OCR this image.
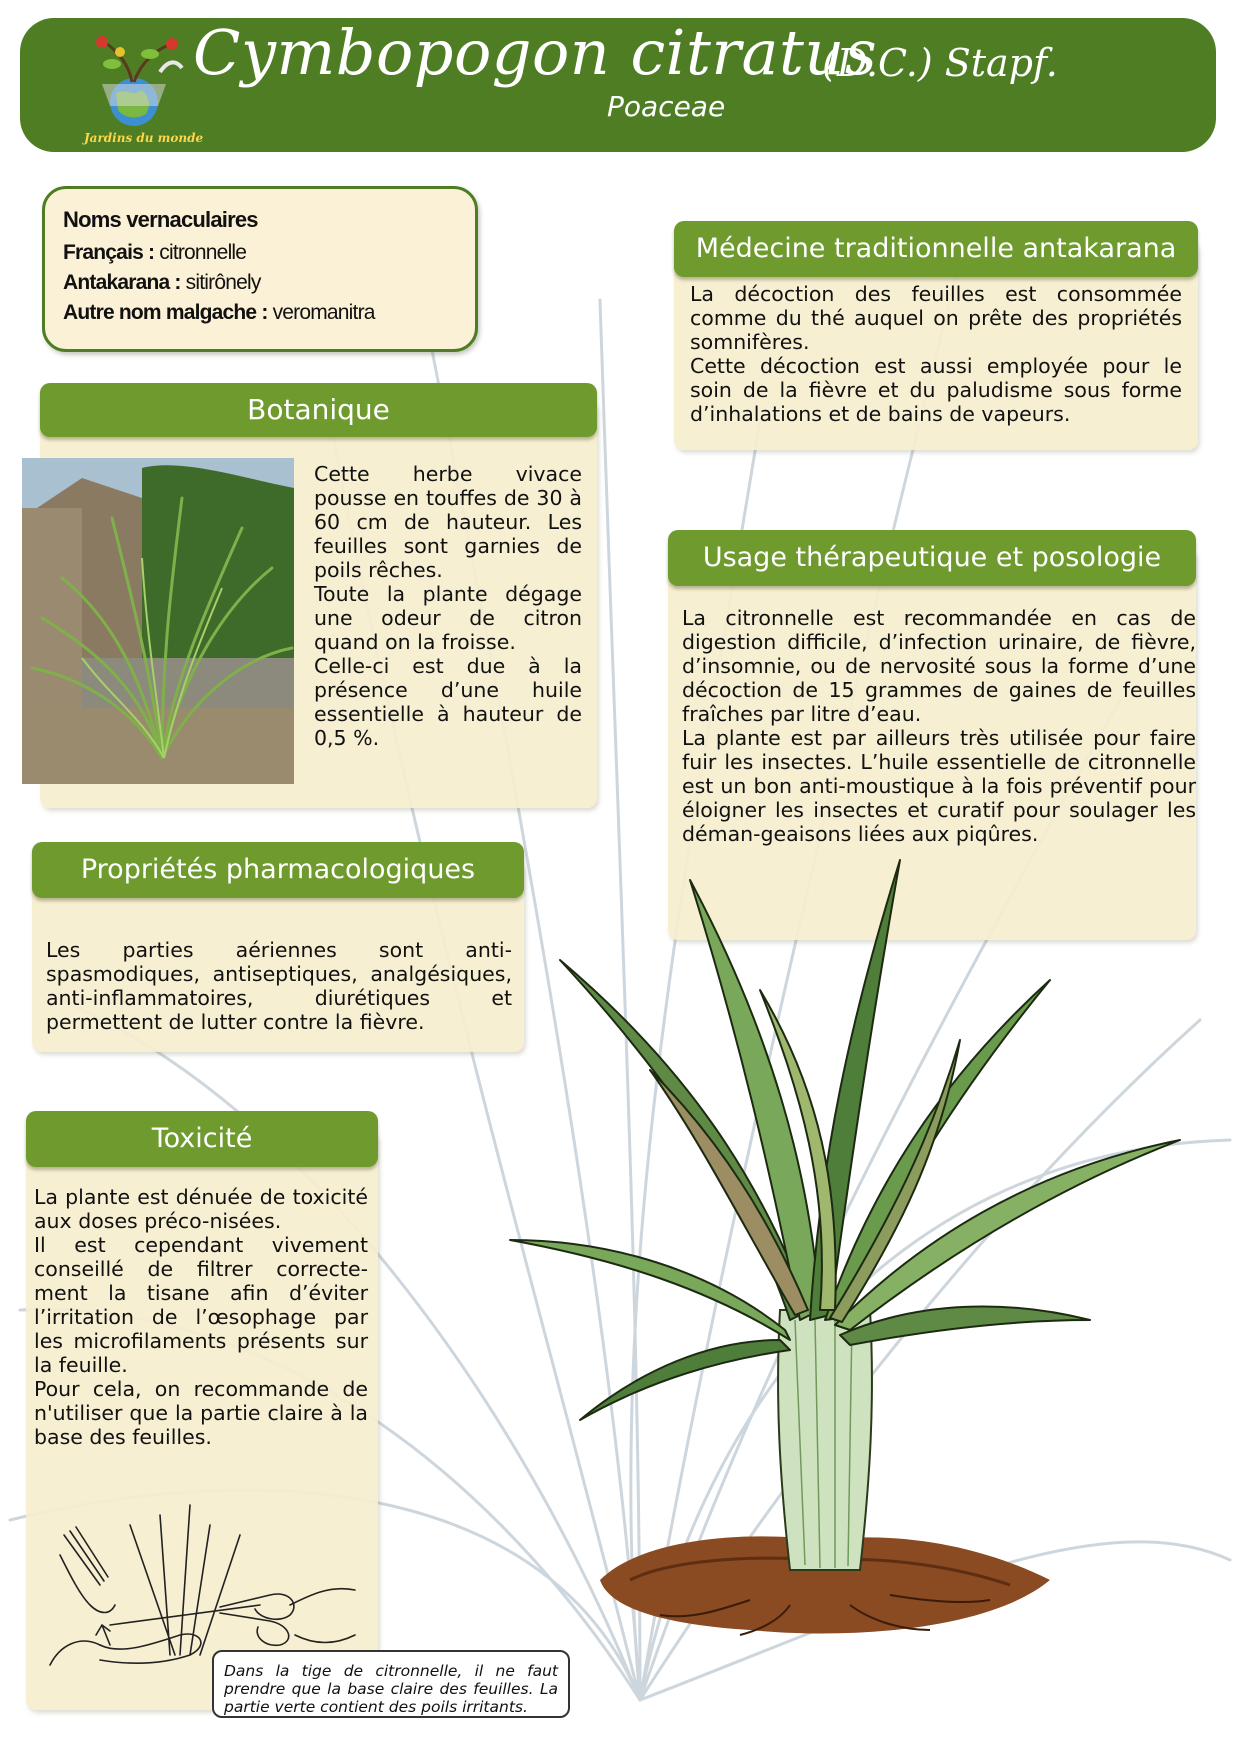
Cymbopogon citratus
(D.C.) Stapf.
Poaceae
Jardins du monde
Noms vernaculaires
Français : citronnelle
Antakarana : sitirônely
Autre nom malgache : veromanitra
Botanique

Cette herbe vivace pousse en touffes de 30 à 60 cm de hauteur. Les feuilles sont garnies de poils rêches.

Toute la plante dégage une odeur de citron quand on la froisse.

Celle-ci est due à la présence d’une huile essentielle à hauteur de 0,5 %.

Médecine traditionnelle antakarana

La décoction des feuilles est consommée comme du thé auquel on prête des propriétés somnifères.

Cette décoction est aussi employée pour le soin de la fièvre et du paludisme sous forme d’inhalations et de bains de vapeurs.

Usage thérapeutique et posologie

La citronnelle est recommandée en cas de digestion difficile, d’infection urinaire, de fièvre, d’insomnie, ou de nervosité sous la forme d’une décoction de 15 grammes de gaines de feuilles fraîches par litre d’eau.

La plante est par ailleurs très utilisée pour faire fuir les insectes. L’huile essentielle de citronnelle est un bon anti-moustique à la fois préventif pour éloigner les insectes et curatif pour soulager les déman-geaisons liées aux piqûres.

Propriétés pharmacologiques

Les parties aériennes sont anti-spasmodiques, antiseptiques, analgésiques, anti-inflammatoires, diurétiques et permettent de lutter contre la fièvre.

Toxicité

La plante est dénuée de toxicité aux doses préco-nisées.

Il est cependant vivement conseillé de filtrer correcte-ment la tisane afin d’éviter l’irritation de l’œsophage par les microfilaments présents sur la feuille.

Pour cela, on recommande de n'utiliser que la partie claire à la base des feuilles.

Dans la tige de citronnelle, il ne faut prendre que la base claire des feuilles. La partie verte contient des poils irritants.
